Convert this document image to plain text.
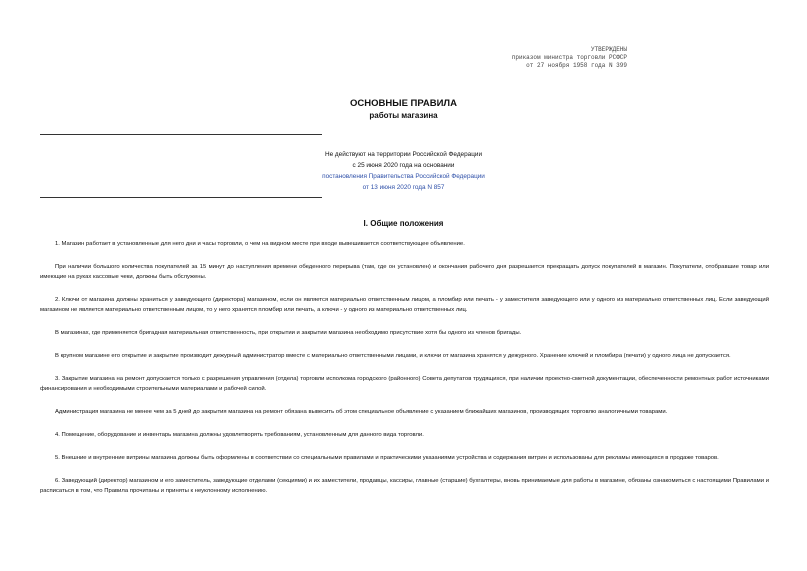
УТВЕРЖДЕНЫ
приказом министра торговли РСФСР
от 27 ноября 1958 года N 399
ОСНОВНЫЕ ПРАВИЛА
работы магазина
Не действуют на территории Российской Федерации
с 25 июня 2020 года на основании
постановления Правительства Российской Федерации
от 13 июня 2020 года N 857
I. Общие положения

1. Магазин работает в установленные для него дни и часы торговли, о чем на видном месте при входе вывешивается соответствующее объявление.

При наличии большого количества покупателей за 15 минут до наступления времени обеденного перерыва (там, где он установлен) и окончания рабочего дня разрешается прекращать допуск покупателей в магазин. Покупатели, отобравшие товар или имеющие на руках кассовые чеки, должны быть обслужены.

2. Ключи от магазина должны храниться у заведующего (директора) магазином, если он является материально ответственным лицом, а пломбир или печать - у заместителя заведующего или у одного из материально ответственных лиц. Если заведующий магазином не является материально ответственным лицом, то у него хранятся пломбир или печать, а ключи - у одного из материально ответственных лиц.

В магазинах, где применяется бригадная материальная ответственность, при открытии и закрытии магазина необходимо присутствие хотя бы одного из членов бригады.

В крупном магазине его открытие и закрытие производит дежурный администратор вместе с материально ответственными лицами, и ключи от магазина хранятся у дежурного. Хранение ключей и пломбира (печати) у одного лица не допускается.

3. Закрытие магазина на ремонт допускается только с разрешения управления (отдела) торговли исполкома городского (районного) Совета депутатов трудящихся, при наличии проектно-сметной документации, обеспеченности ремонтных работ источниками финансирования и необходимыми строительными материалами и рабочей силой.

Администрация магазина не менее чем за 5 дней до закрытия магазина на ремонт обязана вывесить об этом специальное объявление с указанием ближайших магазинов, производящих торговлю аналогичными товарами.

4. Помещение, оборудование и инвентарь магазина должны удовлетворять требованиям, установленным для данного вида торговли.

5. Внешние и внутренние витрины магазина должны быть оформлены в соответствии со специальными правилами и практическими указаниями устройства и содержания витрин и использованы для рекламы имеющихся в продаже товаров.

6. Заведующий (директор) магазином и его заместитель, заведующие отделами (секциями) и их заместители, продавцы, кассиры, главные (старшие) бухгалтеры, вновь принимаемые для работы в магазине, обязаны ознакомиться с настоящими Правилами и расписаться в том, что Правила прочитаны и приняты к неуклонному исполнению.
